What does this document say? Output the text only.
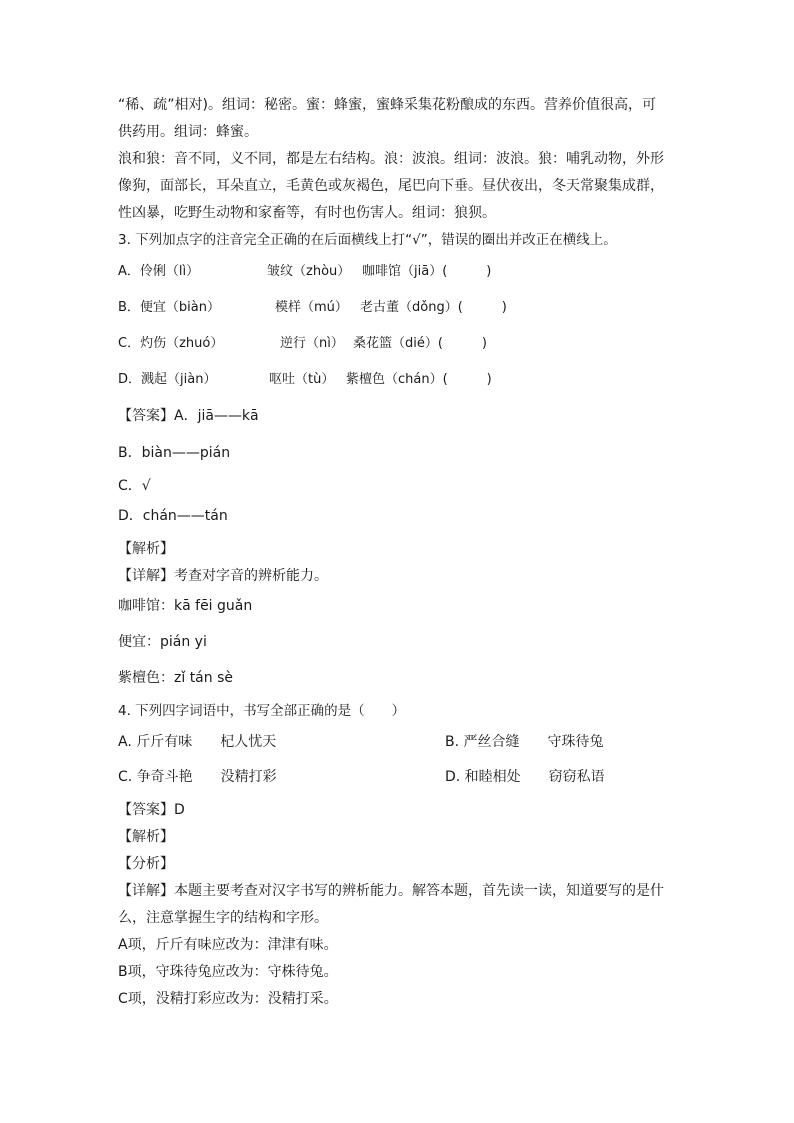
“稀、疏”相对)。组词：秘密。蜜：蜂蜜，蜜蜂采集花粉酿成的东西。营养价值很高，可
供药用。组词：蜂蜜。
浪和狼：音不同，义不同，都是左右结构。浪：波浪。组词：波浪。狼：哺乳动物，外形
像狗，面部长，耳朵直立，毛黄色或灰褐色，尾巴向下垂。昼伏夜出，冬天常聚集成群，
性凶暴，吃野生动物和家畜等，有时也伤害人。组词：狼狈。
3. 下列加点字的注音完全正确的在后面横线上打“√”，错误的圈出并改正在横线上。
A．伶俐（lì）	皱纹（zhòu） 咖啡馆（jiā）(　　　)
B．便宜（biàn）	模样（mú） 老古董（dǒng）(　　　)
C．灼伤（zhuó）	逆行（nì） 桑花篮（dié）(　　　)
D．溅起（jiàn）	呕吐（tù） 紫檀色（chán）(　　　)
【答案】A．jiā——kā
B．biàn——pián
C．√
D．chán——tán
【解析】
【详解】考查对字音的辨析能力。
咖啡馆：kā fēi guǎn
便宜：pián yi
紫檀色：zǐ tán sè
4. 下列四字词语中，书写全部正确的是（　　）
A. 斤斤有味　　杞人忧天	B. 严丝合缝　　守珠待兔
C. 争奇斗艳　　没精打彩	D. 和睦相处　　窃窃私语
【答案】D
【解析】
【分析】
【详解】本题主要考查对汉字书写的辨析能力。解答本题，首先读一读，知道要写的是什
么，注意掌握生字的结构和字形。
A项，斤斤有味应改为：津津有味。
B项，守珠待兔应改为：守株待兔。
C项，没精打彩应改为：没精打采。
